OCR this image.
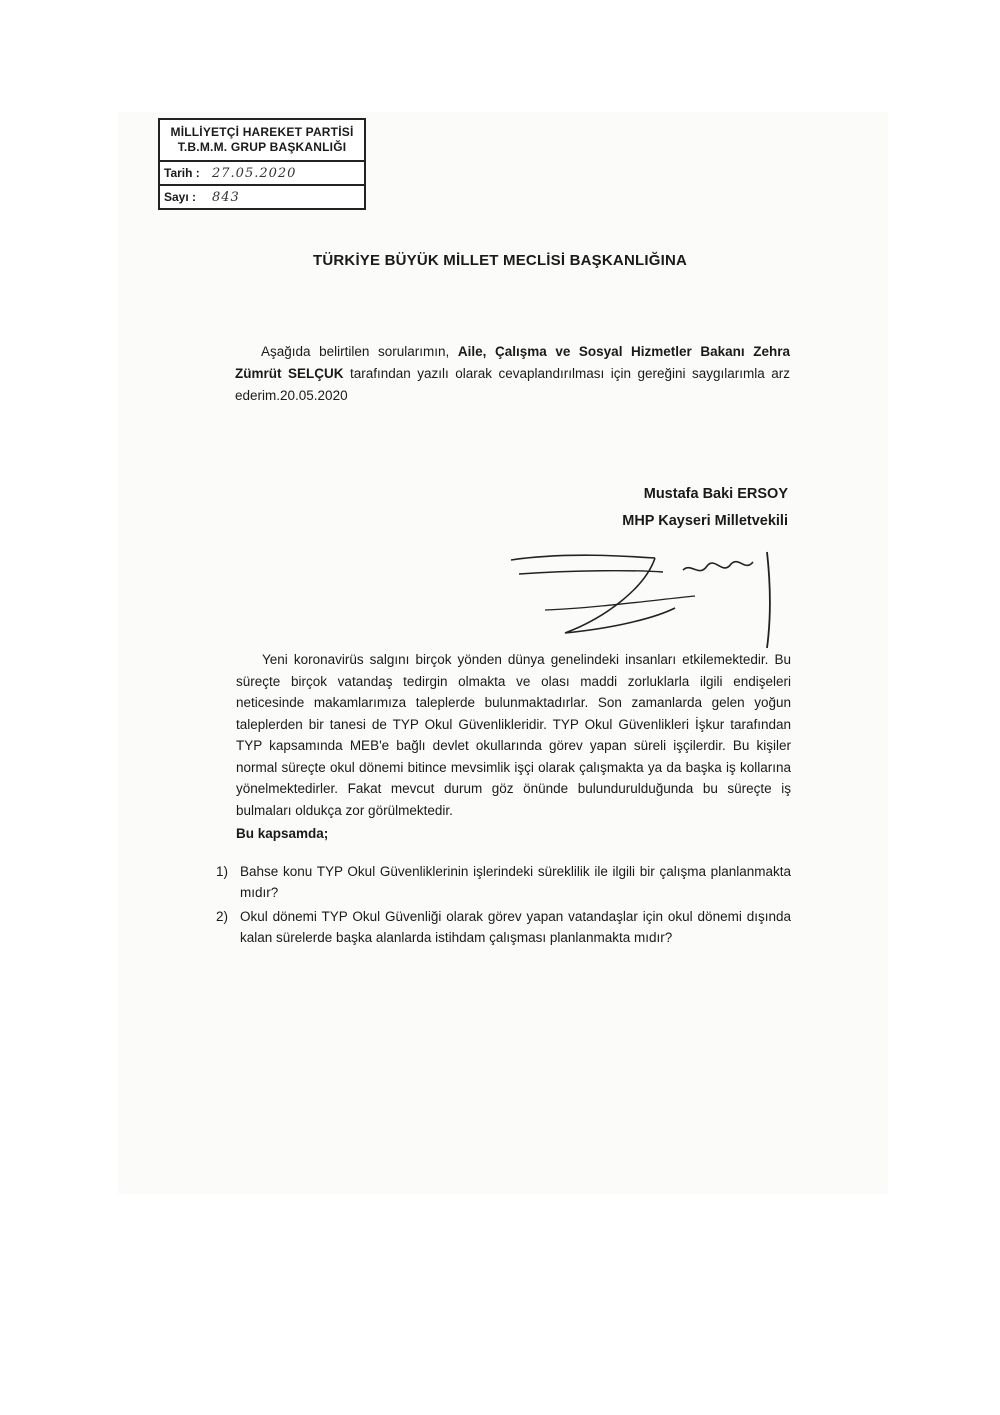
MİLLİYETÇİ HAREKET PARTİSİ
T.B.M.M. GRUP BAŞKANLIĞI
Tarih : 27.05.2020
Sayı :	843
TÜRKİYE BÜYÜK MİLLET MECLİSİ BAŞKANLIĞINA
Aşağıda belirtilen sorularımın, Aile, Çalışma ve Sosyal Hizmetler Bakanı Zehra Zümrüt SELÇUK tarafından yazılı olarak cevaplandırılması için gereğini saygılarımla arz ederim.20.05.2020
Mustafa Baki ERSOY
MHP Kayseri Milletvekili
Yeni koronavirüs salgını birçok yönden dünya genelindeki insanları etkilemektedir. Bu süreçte birçok vatandaş tedirgin olmakta ve olası maddi zorluklarla ilgili endişeleri neticesinde makamlarımıza taleplerde bulunmaktadırlar. Son zamanlarda gelen yoğun taleplerden bir tanesi de TYP Okul Güvenlikleridir. TYP Okul Güvenlikleri İşkur tarafından TYP kapsamında MEB'e bağlı devlet okullarında görev yapan süreli işçilerdir. Bu kişiler normal süreçte okul dönemi bitince mevsimlik işçi olarak çalışmakta ya da başka iş kollarına yönelmektedirler. Fakat mevcut durum göz önünde bulundurulduğunda bu süreçte iş bulmaları oldukça zor görülmektedir.
Bu kapsamda;
1) Bahse konu TYP Okul Güvenliklerinin işlerindeki süreklilik ile ilgili bir çalışma planlanmakta mıdır?
2) Okul dönemi TYP Okul Güvenliği olarak görev yapan vatandaşlar için okul dönemi dışında kalan sürelerde başka alanlarda istihdam çalışması planlanmakta mıdır?
